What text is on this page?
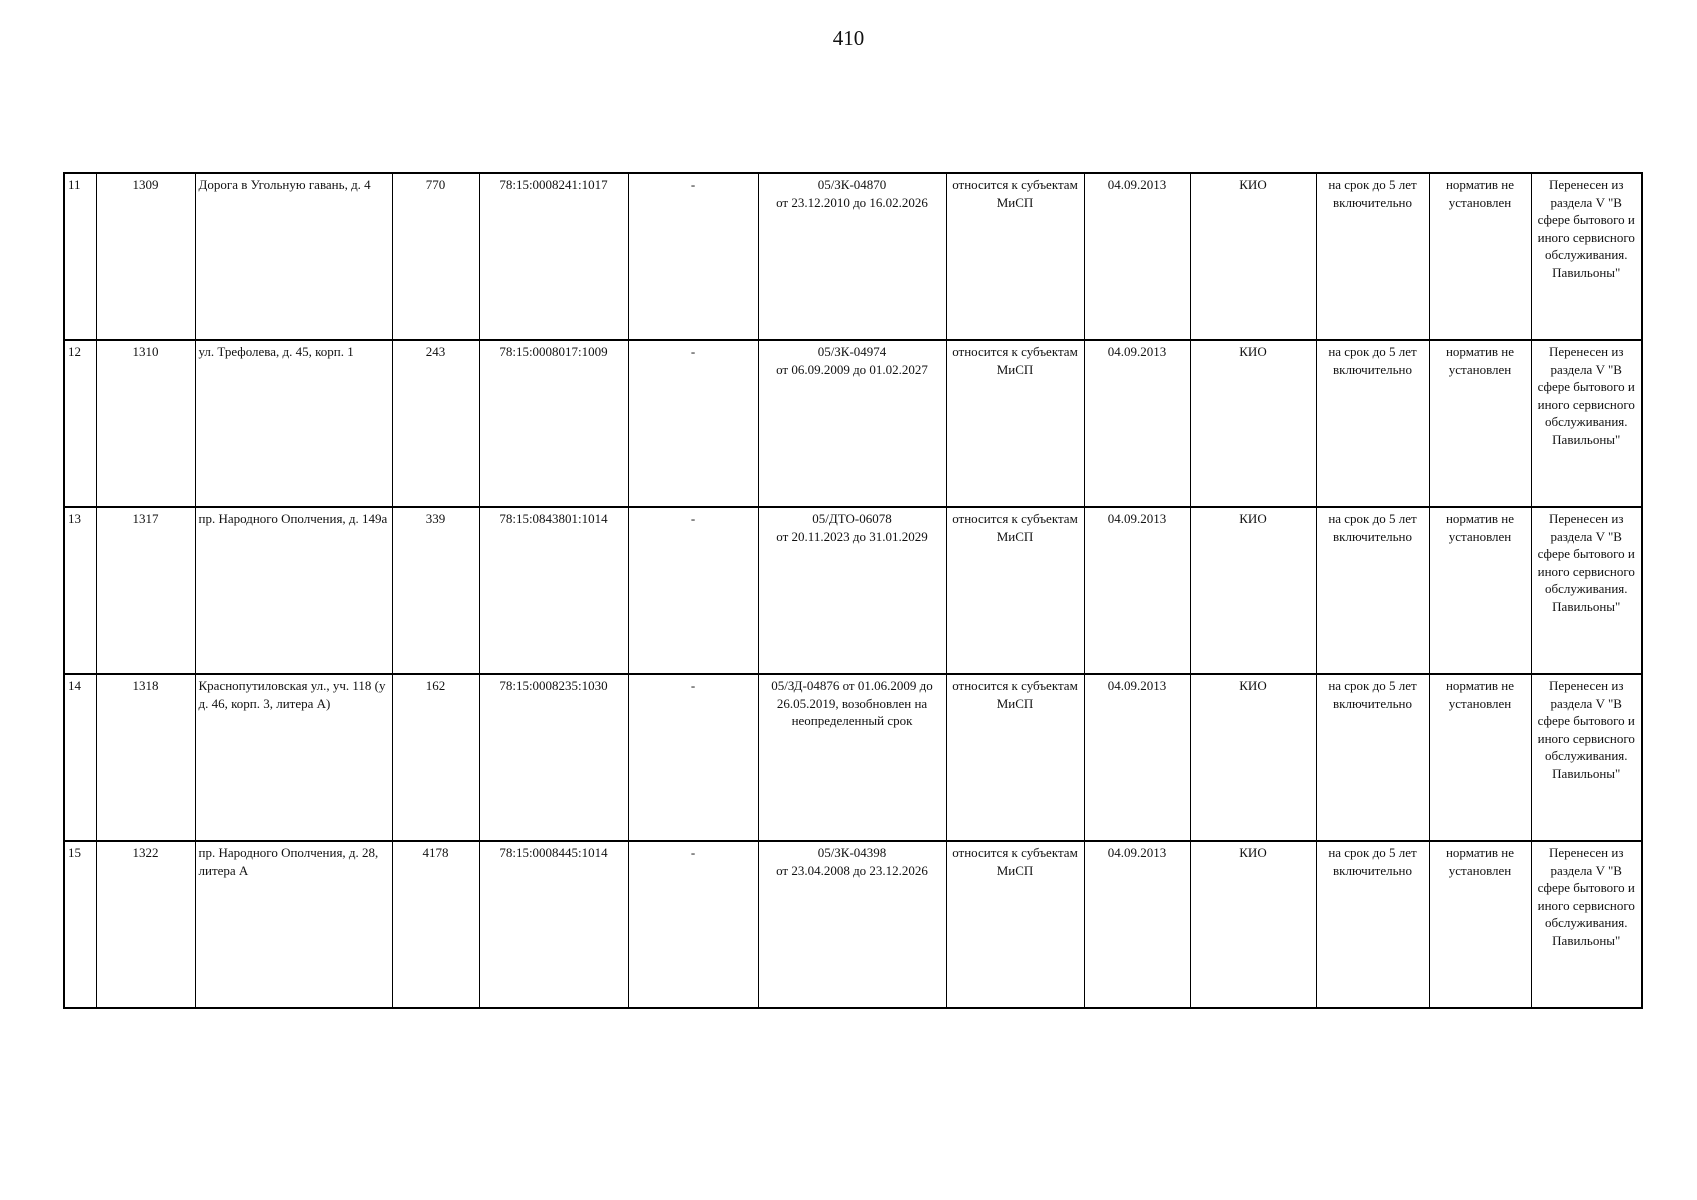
410
11	1309	Дорога в Угольную гавань, д. 4	770	78:15:0008241:1017	-	05/ЗК-04870
от 23.12.2010 до 16.02.2026	относится к субъектам МиСП	04.09.2013	КИО	на срок до 5 лет включительно	норматив не установлен	Перенесен из раздела V "В сфере бытового и иного сервисного обслуживания. Павильоны"
12	1310	ул. Трефолева, д. 45, корп. 1	243	78:15:0008017:1009	-	05/ЗК-04974
от 06.09.2009 до 01.02.2027	относится к субъектам МиСП	04.09.2013	КИО	на срок до 5 лет включительно	норматив не установлен	Перенесен из раздела V "В сфере бытового и иного сервисного обслуживания. Павильоны"
13	1317	пр. Народного Ополчения, д. 149а	339	78:15:0843801:1014	-	05/ДТО-06078
от 20.11.2023 до 31.01.2029	относится к субъектам МиСП	04.09.2013	КИО	на срок до 5 лет включительно	норматив не установлен	Перенесен из раздела V "В сфере бытового и иного сервисного обслуживания. Павильоны"
14	1318	Краснопутиловская ул., уч. 118 (у д. 46, корп. 3, литера А)	162	78:15:0008235:1030	-	05/ЗД-04876 от 01.06.2009 до 26.05.2019, возобновлен на неопределенный срок	относится к субъектам МиСП	04.09.2013	КИО	на срок до 5 лет включительно	норматив не установлен	Перенесен из раздела V "В сфере бытового и иного сервисного обслуживания. Павильоны"
15	1322	пр. Народного Ополчения, д. 28, литера А	4178	78:15:0008445:1014	-	05/ЗК-04398
от 23.04.2008 до 23.12.2026	относится к субъектам МиСП	04.09.2013	КИО	на срок до 5 лет включительно	норматив не установлен	Перенесен из раздела V "В сфере бытового и иного сервисного обслуживания. Павильоны"
